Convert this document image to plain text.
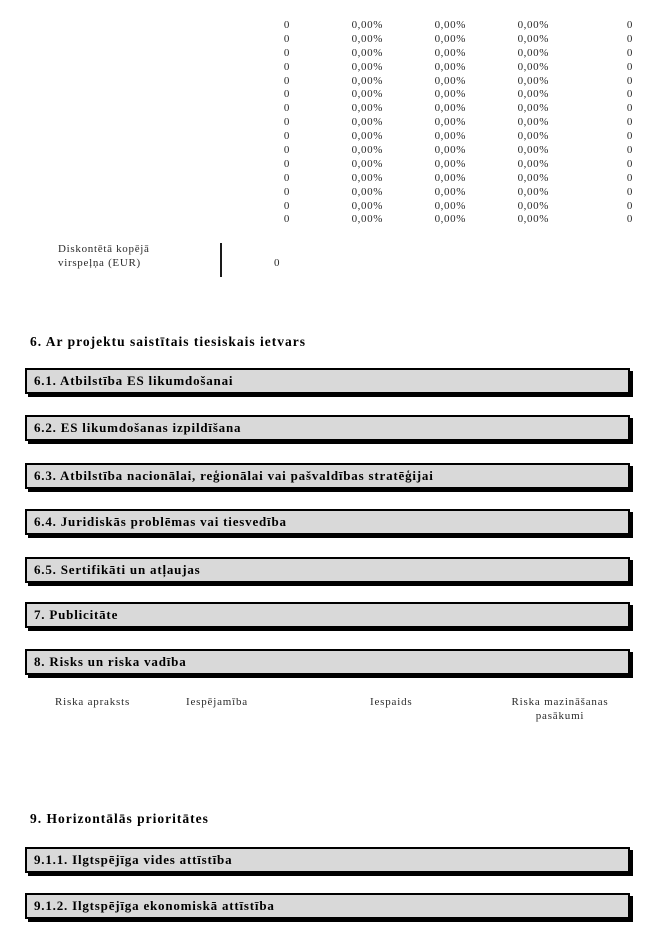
0	0,00%	0,00%	0,00%	0
0	0,00%	0,00%	0,00%	0
0	0,00%	0,00%	0,00%	0
0	0,00%	0,00%	0,00%	0
0	0,00%	0,00%	0,00%	0
0	0,00%	0,00%	0,00%	0
0	0,00%	0,00%	0,00%	0
0	0,00%	0,00%	0,00%	0
0	0,00%	0,00%	0,00%	0
0	0,00%	0,00%	0,00%	0
0	0,00%	0,00%	0,00%	0
0	0,00%	0,00%	0,00%	0
0	0,00%	0,00%	0,00%	0
0	0,00%	0,00%	0,00%	0
0	0,00%	0,00%	0,00%	0
Diskontētā kopējā virspeļņa (EUR)	0
6. Ar projektu saistītais tiesiskais ietvars
6.1. Atbilstība ES likumdošanai
6.2. ES likumdošanas izpildīšana
6.3. Atbilstība nacionālai, reģionālai vai pašvaldības stratēģijai
6.4. Juridiskās problēmas vai tiesvedība
6.5. Sertifikāti un atļaujas
7. Publicitāte
8. Risks un riska vadība
Riska apraksts	Iespējamība	Iespaids	Riska mazināšanas pasākumi
9. Horizontālās prioritātes
9.1.1. Ilgtspējīga vides attīstība
9.1.2. Ilgtspējīga ekonomiskā attīstība
